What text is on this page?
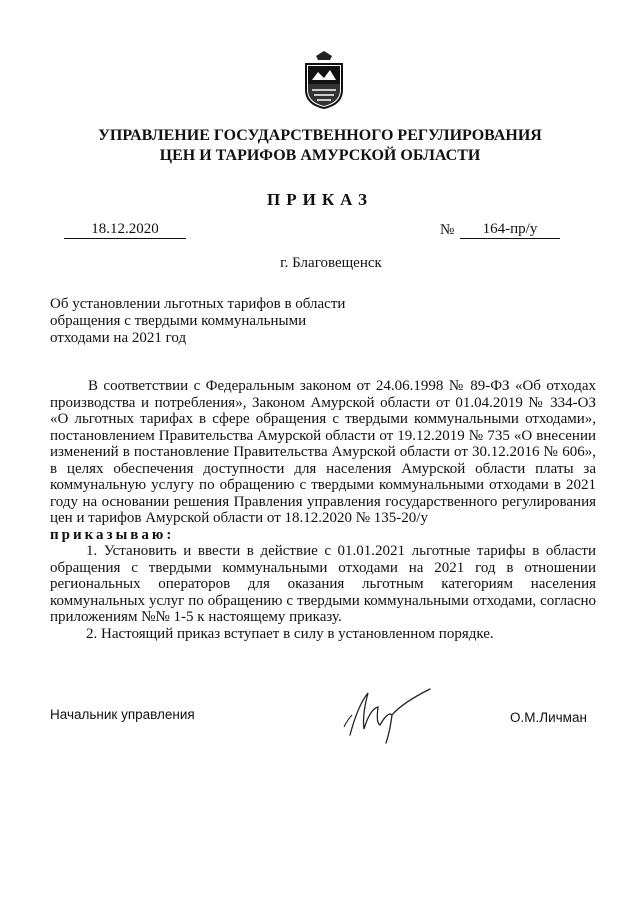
УПРАВЛЕНИЕ ГОСУДАРСТВЕННОГО РЕГУЛИРОВАНИЯ
ЦЕН И ТАРИФОВ АМУРСКОЙ ОБЛАСТИ
ПРИКАЗ
18.12.2020	№	164-пр/у
г. Благовещенск
Об установлении льготных тарифов в области
обращения с твердыми коммунальными
отходами на 2021 год

В соответствии с Федеральным законом от 24.06.1998 № 89-ФЗ «Об отходах производства и потребления», Законом Амурской области от 01.04.2019 № 334-ОЗ «О льготных тарифах в сфере обращения с твердыми коммунальными отходами», постановлением Правительства Амурской области от 19.12.2019 № 735 «О внесении изменений в постановление Правительства Амурской области от 30.12.2016 № 606», в целях обеспечения доступности для населения Амурской области платы за коммунальную услугу по обращению с твердыми коммунальными отходами в 2021 году на основании решения Правления управления государственного регулирования цен и тарифов Амурской области от 18.12.2020 № 135-20/у

приказываю:

1. Установить и ввести в действие с 01.01.2021 льготные тарифы в области обращения с твердыми коммунальными отходами на 2021 год в отношении региональных операторов для оказания льготным категориям населения коммунальных услуг по обращению с твердыми коммунальными отходами, согласно приложениям №№ 1-5 к настоящему приказу.

2. Настоящий приказ вступает в силу в установленном порядке.

Начальник управления	О.М.Личман
